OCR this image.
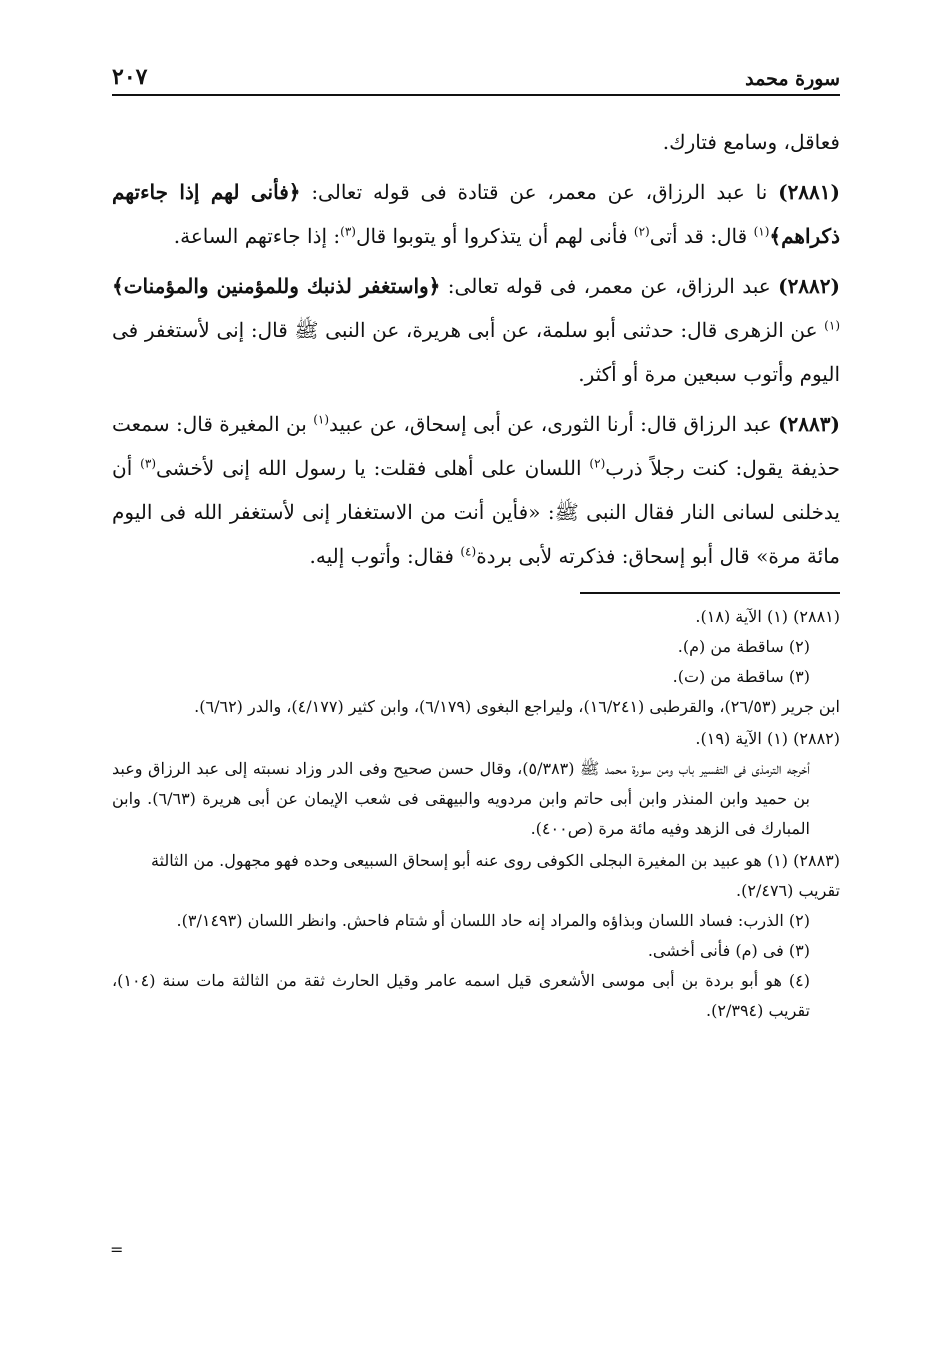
سورة محمد
٢٠٧

فعاقل، وسامع فتارك.

(٢٨٨١) نا عبد الرزاق، عن معمر، عن قتادة فى قوله تعالى: ﴿فأنى لهم إذا جاءتهم ذكراهم﴾$^{(١)}$ قال: قد أتى$^{(٢)}$ فأنى لهم أن يتذكروا أو يتوبوا قال$^{(٣)}$: إذا جاءتهم الساعة.

(٢٨٨٢) عبد الرزاق، عن معمر، فى قوله تعالى: ﴿واستغفر لذنبك وللمؤمنين والمؤمنات﴾$^{(١)}$ عن الزهرى قال: حدثنى أبو سلمة، عن أبى هريرة، عن النبى ﷺ قال: إنى لأستغفر فى اليوم وأتوب سبعين مرة أو أكثر.

(٢٨٨٣) عبد الرزاق قال: أرنا الثورى، عن أبى إسحاق، عن عبيد$^{(١)}$ بن المغيرة قال: سمعت حذيفة يقول: كنت رجلاً ذرب$^{(٢)}$ اللسان على أهلى فقلت: يا رسول الله إنى لأخشى$^{(٣)}$ أن يدخلنى لسانى النار فقال النبى ﷺ: «فأين أنت من الاستغفار إنى لأستغفر الله فى اليوم مائة مرة» قال أبو إسحاق: فذكرته لأبى بردة$^{(٤)}$ فقال: وأتوب إليه.

(٢٨٨١) (١) الآية (١٨).

(٢) ساقطة من (م).

(٣) ساقطة من (ت).

ابن جرير (٢٦/٥٣)، والقرطبى (١٦/٢٤١)، وليراجع البغوى (٦/١٧٩)، وابن كثير (٤/١٧٧)، والدر (٦/٦٢).

(٢٨٨٢) (١) الآية (١٩).

أخرجه الترمذى فى التفسير باب ومن سورة محمد ﷺ (٥/٣٨٣)، وقال حسن صحيح وفى الدر وزاد نسبته إلى عبد الرزاق وعبد بن حميد وابن المنذر وابن أبى حاتم وابن مردويه والبيهقى فى شعب الإيمان عن أبى هريرة (٦/٦٣). وابن المبارك فى الزهد وفيه مائة مرة (ص٤٠٠).

(٢٨٨٣) (١) هو عبيد بن المغيرة البجلى الكوفى روى عنه أبو إسحاق السبيعى وحده فهو مجهول. من الثالثة تقريب (٢/٤٧٦).

(٢) الذرب: فساد اللسان وبذاؤه والمراد إنه حاد اللسان أو شتام فاحش. وانظر اللسان (٣/١٤٩٣).

(٣) فى (م) فأنى أخشى.

(٤) هو أبو بردة بن أبى موسى الأشعرى قيل اسمه عامر وقيل الحارث ثقة من الثالثة مات سنة (١٠٤)، تقريب (٢/٣٩٤).

=
